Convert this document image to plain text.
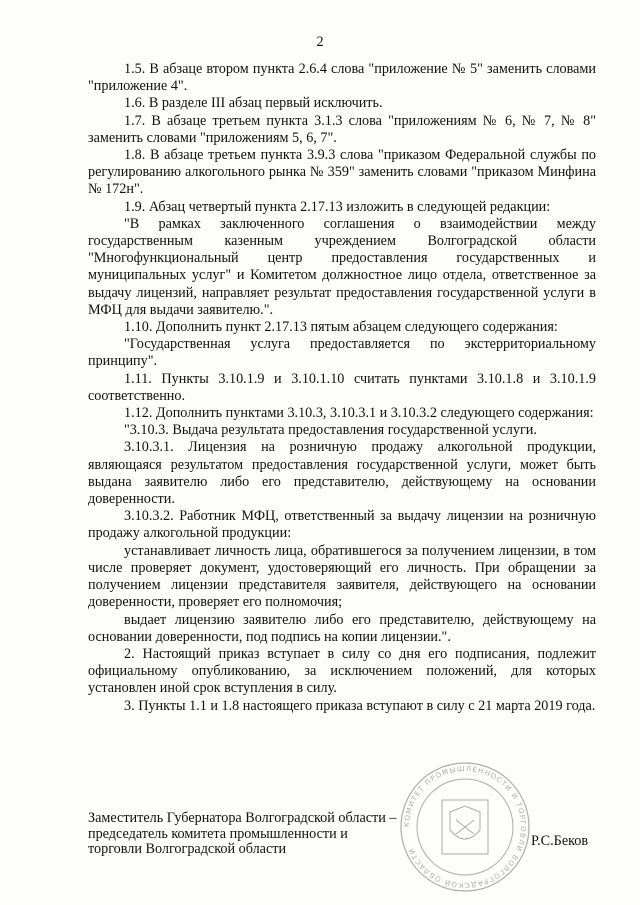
2

1.5. В абзаце втором пункта 2.6.4 слова "приложение № 5" заменить словами "приложение 4".

1.6. В разделе III абзац первый исключить.

1.7. В абзаце третьем пункта 3.1.3 слова "приложениям № 6, № 7, № 8" заменить словами "приложениям 5, 6, 7".

1.8. В абзаце третьем пункта 3.9.3 слова "приказом Федеральной службы по регулированию алкогольного рынка № 359" заменить словами "приказом Минфина № 172н".

1.9. Абзац четвертый пункта 2.17.13 изложить в следующей редакции:

"В рамках заключенного соглашения о взаимодействии между государственным казенным учреждением Волгоградской области "Многофункциональный центр предоставления государственных и муниципальных услуг" и Комитетом должностное лицо отдела, ответственное за выдачу лицензий, направляет результат предоставления государственной услуги в МФЦ для выдачи заявителю.".

1.10. Дополнить пункт 2.17.13 пятым абзацем следующего содержания:

"Государственная услуга предоставляется по экстерриториальному принципу".

1.11. Пункты 3.10.1.9 и 3.10.1.10 считать пунктами 3.10.1.8 и 3.10.1.9 соответственно.

1.12. Дополнить пунктами 3.10.3, 3.10.3.1 и 3.10.3.2 следующего содержания:

"3.10.3. Выдача результата предоставления государственной услуги.

3.10.3.1. Лицензия на розничную продажу алкогольной продукции, являющаяся результатом предоставления государственной услуги, может быть выдана заявителю либо его представителю, действующему на основании доверенности.

3.10.3.2. Работник МФЦ, ответственный за выдачу лицензии на розничную продажу алкогольной продукции:

устанавливает личность лица, обратившегося за получением лицензии, в том числе проверяет документ, удостоверяющий его личность. При обращении за получением лицензии представителя заявителя, действующего на основании доверенности, проверяет его полномочия;

выдает лицензию заявителю либо его представителю, действующему на основании доверенности, под подпись на копии лицензии.".

2. Настоящий приказ вступает в силу со дня его подписания, подлежит официальному опубликованию, за исключением положений, для которых установлен иной срок вступления в силу.

3. Пункты 1.1 и 1.8 настоящего приказа вступают в силу с 21 марта 2019 года.

КОМИТЕТ ПРОМЫШЛЕННОСТИ И ТОРГОВЛИ ВОЛГОГРАДСКОЙ ОБЛАСТИ
Заместитель Губернатора Волгоградской области –
председатель комитета промышленности и
торговли Волгоградской области
Р.С.Беков
